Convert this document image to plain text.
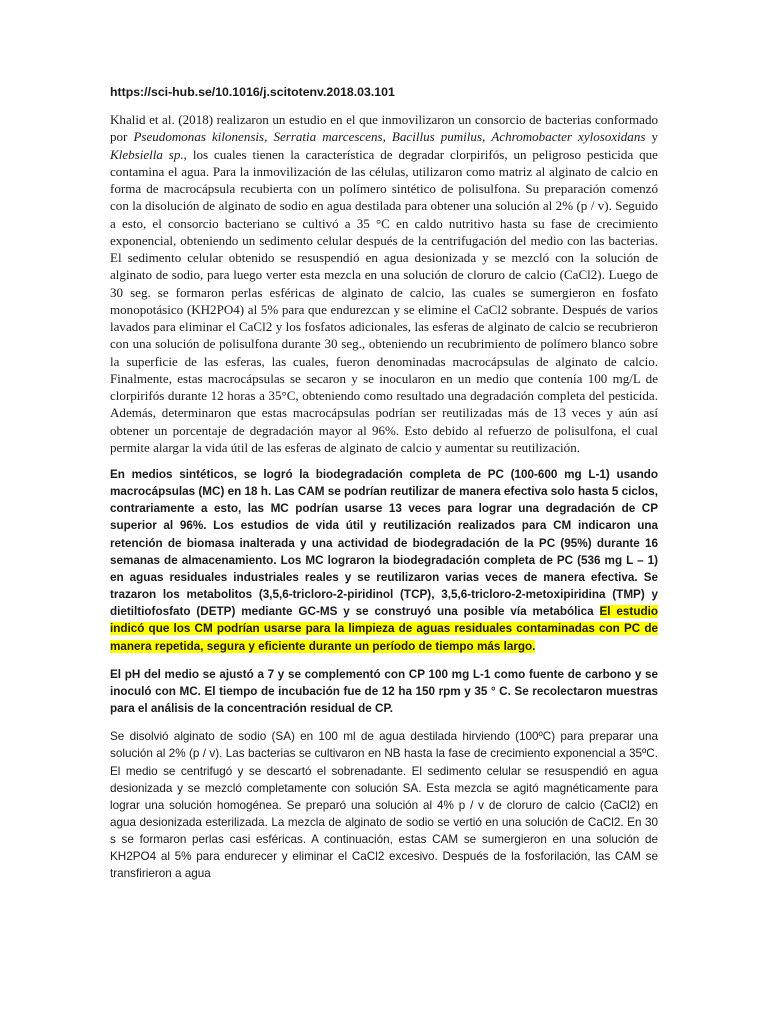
https://sci-hub.se/10.1016/j.scitotenv.2018.03.101

Khalid et al. (2018) realizaron un estudio en el que inmovilizaron un consorcio de bacterias conformado por Pseudomonas kilonensis, Serratia marcescens, Bacillus pumilus, Achromobacter xylosoxidans y Klebsiella sp., los cuales tienen la característica de degradar clorpirifós, un peligroso pesticida que contamina el agua. Para la inmovilización de las células, utilizaron como matriz al alginato de calcio en forma de macrocápsula recubierta con un polímero sintético de polisulfona. Su preparación comenzó con la disolución de alginato de sodio en agua destilada para obtener una solución al 2% (p / v). Seguido a esto, el consorcio bacteriano se cultivó a 35 °C en caldo nutritivo hasta su fase de crecimiento exponencial, obteniendo un sedimento celular después de la centrifugación del medio con las bacterias. El sedimento celular obtenido se resuspendió en agua desionizada y se mezcló con la solución de alginato de sodio, para luego verter esta mezcla en una solución de cloruro de calcio (CaCl2). Luego de 30 seg. se formaron perlas esféricas de alginato de calcio, las cuales se sumergieron en fosfato monopotásico (KH2PO4) al 5% para que endurezcan y se elimine el CaCl2 sobrante. Después de varios lavados para eliminar el CaCl2 y los fosfatos adicionales, las esferas de alginato de calcio se recubrieron con una solución de polisulfona durante 30 seg., obteniendo un recubrimiento de polímero blanco sobre la superficie de las esferas, las cuales, fueron denominadas macrocápsulas de alginato de calcio. Finalmente, estas macrocápsulas se secaron y se inocularon en un medio que contenía 100 mg/L de clorpirifós durante 12 horas a 35°C, obteniendo como resultado una degradación completa del pesticida. Además, determinaron que estas macrocápsulas podrían ser reutilizadas más de 13 veces y aún así obtener un porcentaje de degradación mayor al 96%. Esto debido al refuerzo de polisulfona, el cual permite alargar la vida útil de las esferas de alginato de calcio y aumentar su reutilización.

En medios sintéticos, se logró la biodegradación completa de PC (100-600 mg L-1) usando macrocápsulas (MC) en 18 h. Las CAM se podrían reutilizar de manera efectiva solo hasta 5 ciclos, contrariamente a esto, las MC podrían usarse 13 veces para lograr una degradación de CP superior al 96%. Los estudios de vida útil y reutilización realizados para CM indicaron una retención de biomasa inalterada y una actividad de biodegradación de la PC (95%) durante 16 semanas de almacenamiento. Los MC lograron la biodegradación completa de PC (536 mg L – 1) en aguas residuales industriales reales y se reutilizaron varias veces de manera efectiva. Se trazaron los metabolitos (3,5,6-tricloro-2-piridinol (TCP), 3,5,6-tricloro-2-metoxipiridina (TMP) y dietiltiofosfato (DETP) mediante GC-MS y se construyó una posible vía metabólica El estudio indicó que los CM podrían usarse para la limpieza de aguas residuales contaminadas con PC de manera repetida, segura y eficiente durante un período de tiempo más largo.

El pH del medio se ajustó a 7 y se complementó con CP 100 mg L-1 como fuente de carbono y se inoculó con MC. El tiempo de incubación fue de 12 ha 150 rpm y 35 ° C. Se recolectaron muestras para el análisis de la concentración residual de CP.

Se disolvió alginato de sodio (SA) en 100 ml de agua destilada hirviendo (100ºC) para preparar una solución al 2% (p / v). Las bacterias se cultivaron en NB hasta la fase de crecimiento exponencial a 35ºC. El medio se centrifugó y se descartó el sobrenadante. El sedimento celular se resuspendió en agua desionizada y se mezcló completamente con solución SA. Esta mezcla se agitó magnéticamente para lograr una solución homogénea. Se preparó una solución al 4% p / v de cloruro de calcio (CaCl2) en agua desionizada esterilizada. La mezcla de alginato de sodio se vertió en una solución de CaCl2. En 30 s se formaron perlas casi esféricas. A continuación, estas CAM se sumergieron en una solución de KH2PO4 al 5% para endurecer y eliminar el CaCl2 excesivo. Después de la fosforilación, las CAM se transfirieron a agua
